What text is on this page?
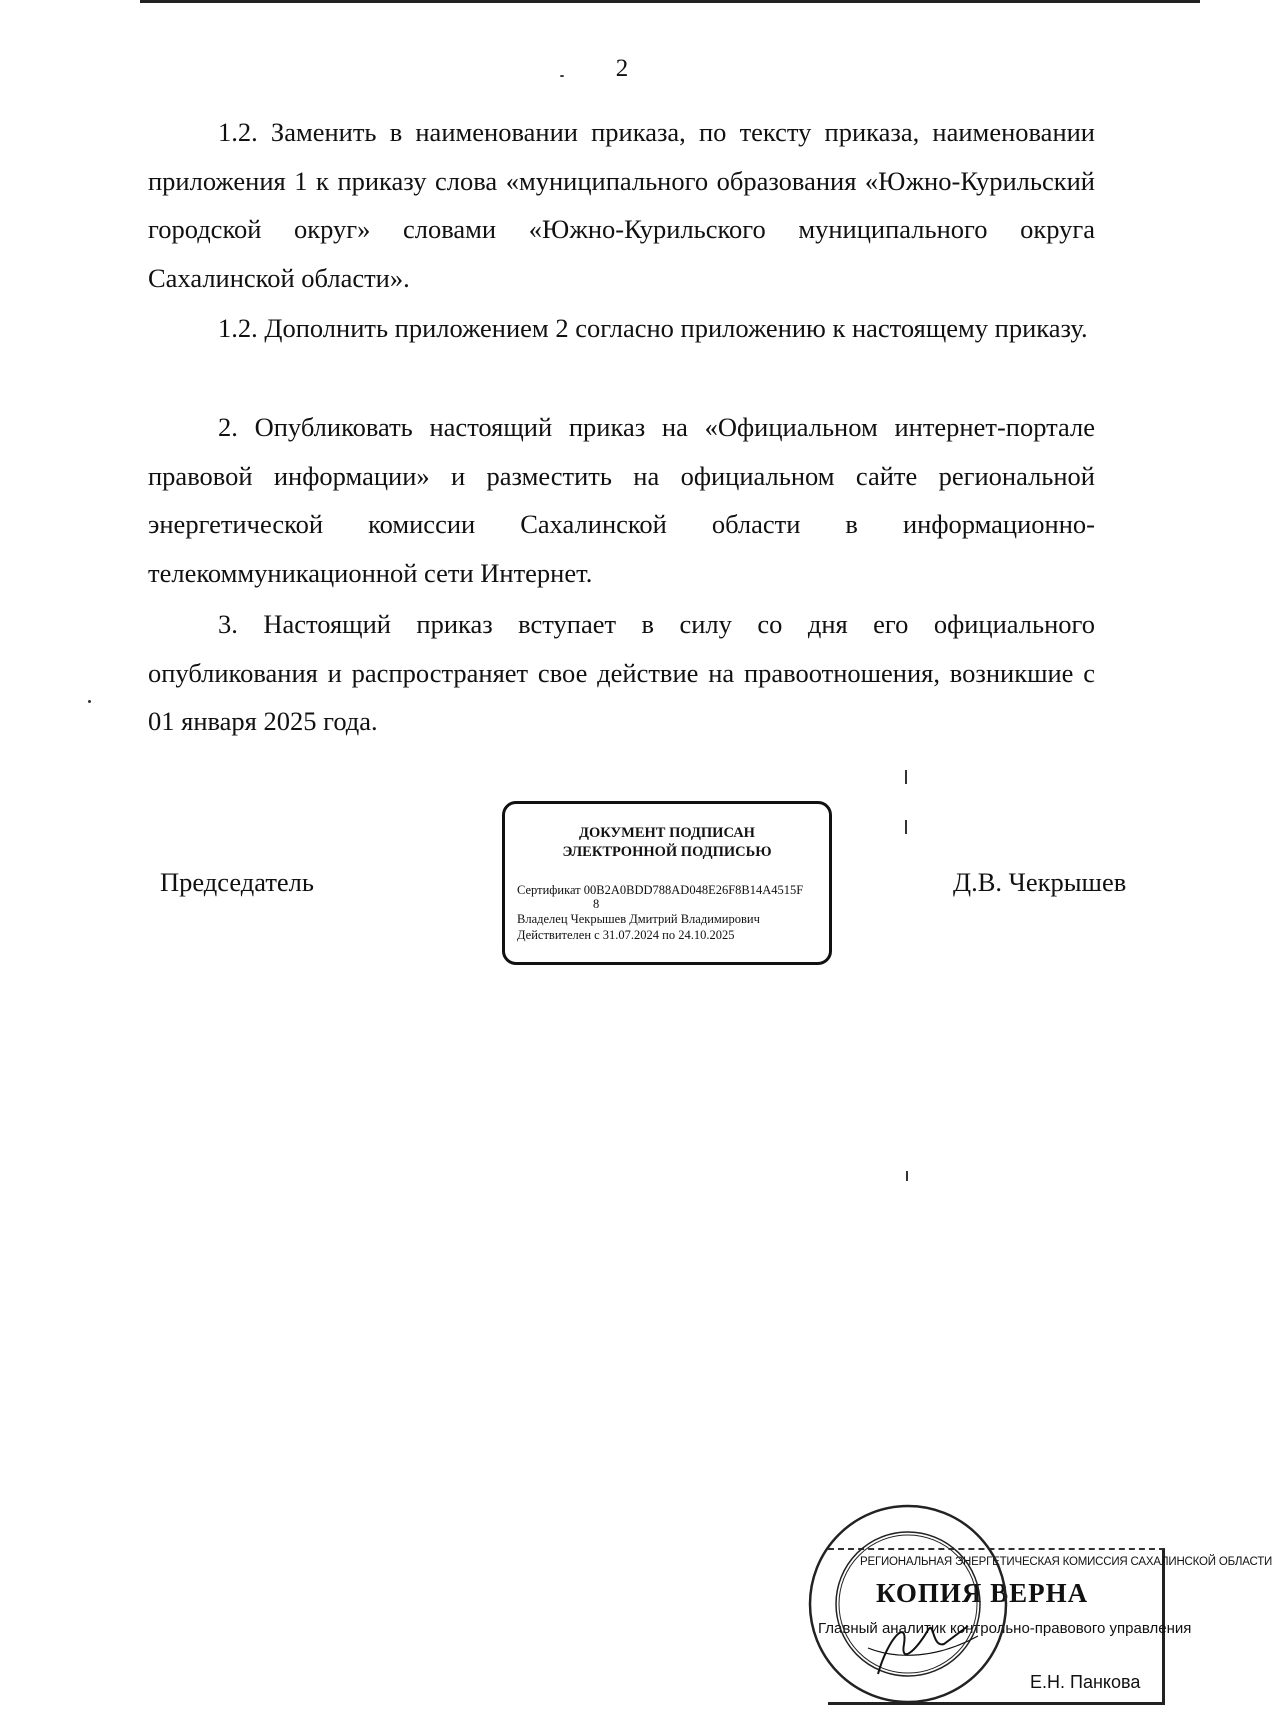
2

1.2. Заменить в наименовании приказа, по тексту приказа, наименовании приложения 1 к приказу слова «муниципального образования «Южно-Курильский городской округ» словами «Южно-Курильского муниципального округа Сахалинской области».

1.2. Дополнить приложением 2 согласно приложению к настоящему приказу.

2. Опубликовать настоящий приказ на «Официальном интернет-портале правовой информации» и разместить на официальном сайте региональной энергетической комиссии Сахалинской области в информационно-телекоммуникационной сети Интернет.

3. Настоящий приказ вступает в силу со дня его официального опубликования и распространяет свое действие на правоотношения, возникшие с 01 января 2025 года.

Председатель
ДОКУМЕНТ ПОДПИСАН
ЭЛЕКТРОННОЙ ПОДПИСЬЮ
Сертификат 00B2A0BDD788AD048E26F8B14A4515F
8
Владелец Чекрышев Дмитрий Владимирович
Действителен с 31.07.2024 по 24.10.2025
Д.В. Чекрышев
РЕГИОНАЛЬНАЯ ЭНЕРГЕТИЧЕСКАЯ КОМИССИЯ САХАЛИНСКОЙ ОБЛАСТИ
КОПИЯ ВЕРНА
Главный аналитик контрольно-правового управления
Е.Н. Панкова
